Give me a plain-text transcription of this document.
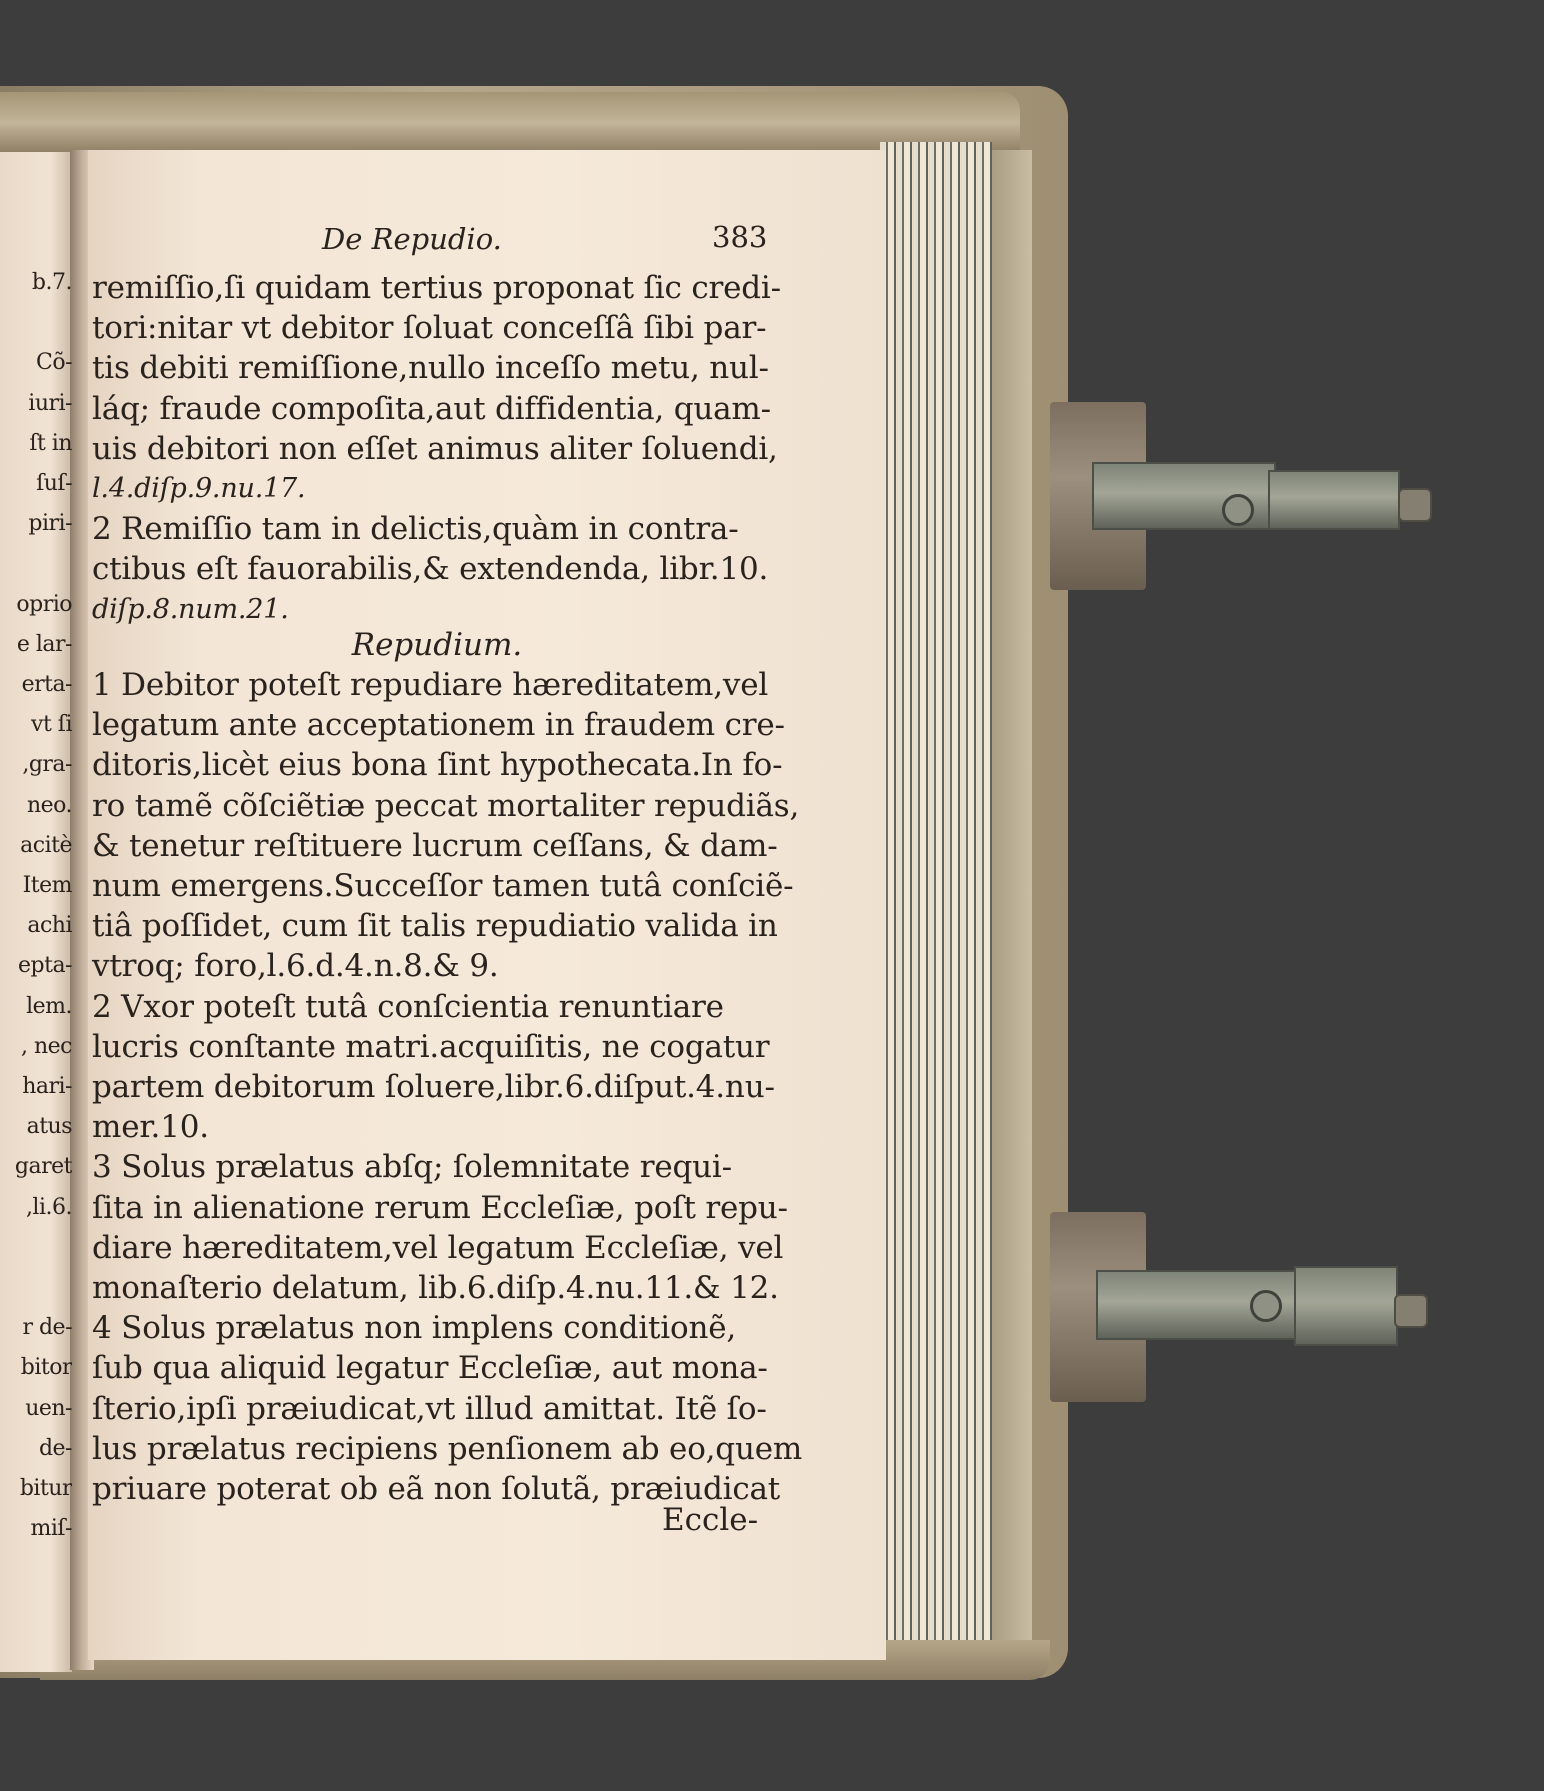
b.7.
Cõ-
iuri-
ſt in
ſuſ-
piri-
oprio
e lar-
erta-
vt ſi
,gra-
neo.
acitè
Item
achi
epta-
lem.
, nec
hari-
atus
garet
,li.6.
r de-
bitor
uen-
de-
bitur
miſ-
De Repudio.	383
remiſſio,ſi quidam tertius proponat ſic credi-
tori:nitar vt debitor ſoluat conceſſâ ſibi par-
tis debiti remiſſione,nullo inceſſo metu, nul-
láq; fraude compoſita,aut diffidentia, quam-
uis debitori non eſſet animus aliter ſoluendi,
l.4.diſp.9.nu.17.
2 Remiſſio tam in delictis,quàm in contra-
ctibus eſt fauorabilis,& extendenda, libr.10.
diſp.8.num.21.
Repudium.
1 Debitor poteſt repudiare hæreditatem,vel
legatum ante acceptationem in fraudem cre-
ditoris,licèt eius bona ſint hypothecata.In fo-
ro tamẽ cõſciẽtiæ peccat mortaliter repudiãs,
& tenetur reſtituere lucrum ceſſans, & dam-
num emergens.Succeſſor tamen tutâ conſciẽ-
tiâ poſſidet, cum ſit talis repudiatio valida in
vtroq; foro,l.6.d.4.n.8.& 9.
2 Vxor poteſt tutâ conſcientia renuntiare
lucris conſtante matri.acquiſitis, ne cogatur
partem debitorum ſoluere,libr.6.diſput.4.nu-
mer.10.
3 Solus prælatus abſq; ſolemnitate requi-
ſita in alienatione rerum Eccleſiæ, poſt repu-
diare hæreditatem,vel legatum Eccleſiæ, vel
monaſterio delatum, lib.6.diſp.4.nu.11.& 12.
4 Solus prælatus non implens conditionẽ,
ſub qua aliquid legatur Eccleſiæ, aut mona-
ſterio,ipſi præiudicat,vt illud amittat. Itẽ ſo-
lus prælatus recipiens penſionem ab eo,quem
priuare poterat ob eã non ſolutã, præiudicat
Eccle-
